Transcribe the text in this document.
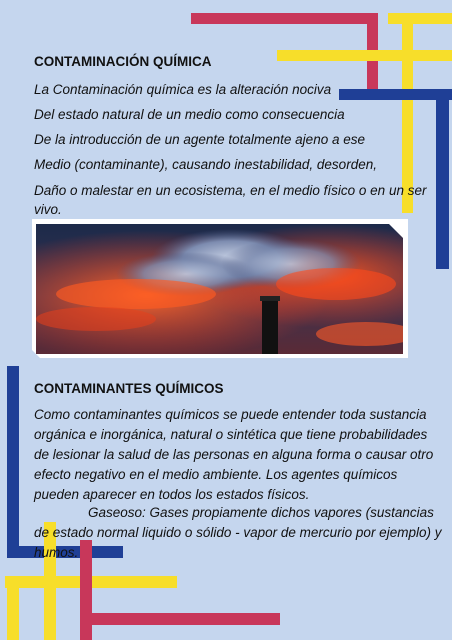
CONTAMINACIÓN QUÍMICA
La Contaminación química es la alteración nociva
Del estado natural de un medio como consecuencia
De la introducción de un agente totalmente ajeno a ese
Medio (contaminante), causando inestabilidad, desorden,
Daño o malestar en un ecosistema, en el medio físico o en un ser vivo.
CONTAMINANTES QUÍMICOS
Como contaminantes químicos se puede entender toda sustancia orgánica e inorgánica, natural o sintética que tiene probabilidades de lesionar la salud de las personas en alguna forma o causar otro efecto negativo en el medio ambiente. Los agentes químicos pueden aparecer en todos los estados físicos.
Gaseoso: Gases propiamente dichos vapores (sustancias de estado normal liquido o sólido - vapor de mercurio por ejemplo) y humos.
